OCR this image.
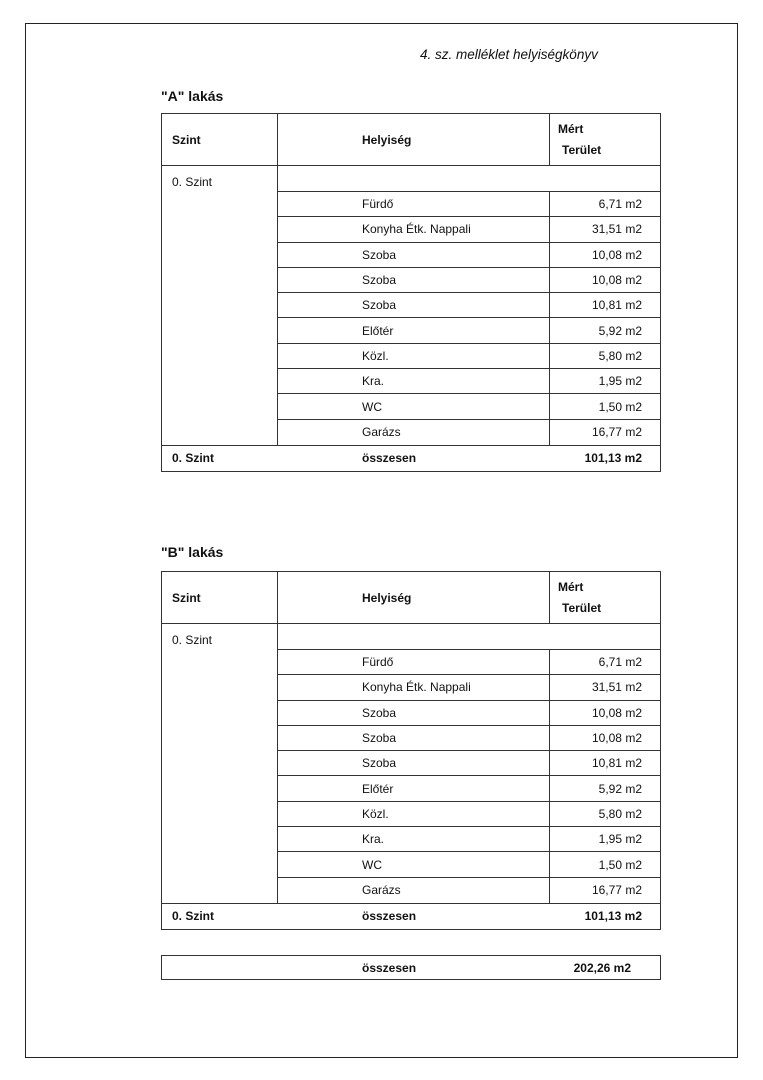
4. sz. melléklet helyiségkönyv
"A" lakás
Szint	Helyiség
Mért
Terület
0. Szint
Fürdő	6,71 m2
Konyha Étk. Nappali	31,51 m2
Szoba	10,08 m2
Szoba	10,08 m2
Szoba	10,81 m2
Előtér	5,92 m2
Közl.	5,80 m2
Kra.	1,95 m2
WC	1,50 m2
Garázs	16,77 m2
0. Szint	összesen	101,13 m2
"B" lakás
Szint	Helyiség
Mért
Terület
0. Szint
Fürdő	6,71 m2
Konyha Étk. Nappali	31,51 m2
Szoba	10,08 m2
Szoba	10,08 m2
Szoba	10,81 m2
Előtér	5,92 m2
Közl.	5,80 m2
Kra.	1,95 m2
WC	1,50 m2
Garázs	16,77 m2
0. Szint	összesen	101,13 m2
összesen	202,26 m2
